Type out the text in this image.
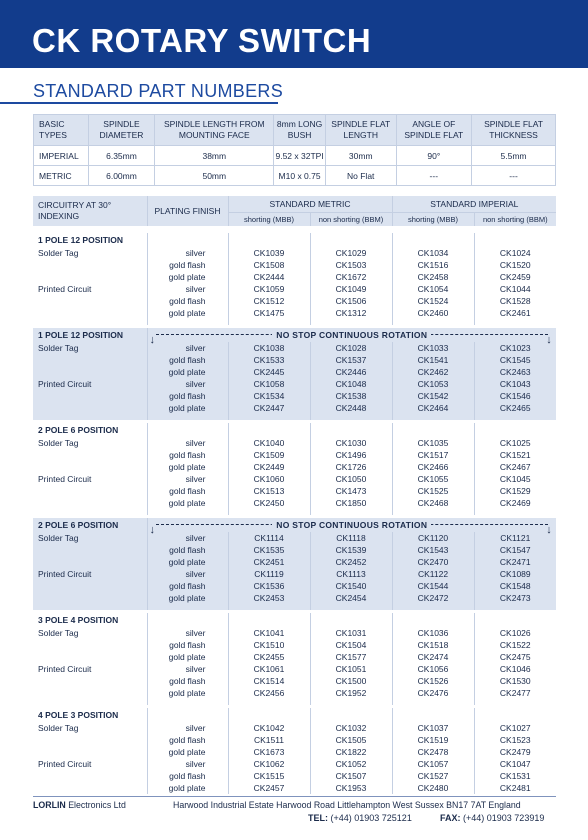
CK ROTARY SWITCH
STANDARD PART NUMBERS
BASIC TYPES	SPINDLE DIAMETER	SPINDLE LENGTH FROM MOUNTING FACE	8mm LONG BUSH	SPINDLE FLAT LENGTH	ANGLE OF SPINDLE FLAT	SPINDLE FLAT THICKNESS
IMPERIAL	6.35mm	38mm	9.52 x 32TPI	30mm	90°	5.5mm
METRIC	6.00mm	50mm	M10 x 0.75	No Flat	---	---
CIRCUITRY AT 30° INDEXING	PLATING FINISH	STANDARD METRIC		STANDARD IMPERIAL	
		shorting (MBB)	non shorting (BBM)	shorting (MBB)	non shorting (BBM)

1 POLE 12 POSITION					
Solder Tag	silver	CK1039	CK1029	CK1034	CK1024
	gold flash	CK1508	CK1503	CK1516	CK1520
	gold plate	CK2444	CK1672	CK2458	CK2459
Printed Circuit	silver	CK1059	CK1049	CK1054	CK1044
	gold flash	CK1512	CK1506	CK1524	CK1528
	gold plate	CK1475	CK1312	CK2460	CK2461

1 POLE 12 POSITION	↓ ↓
NO STOP CONTINUOUS ROTATION				
Solder Tag	silver	CK1038	CK1028	CK1033	CK1023
	gold flash	CK1533	CK1537	CK1541	CK1545
	gold plate	CK2445	CK2446	CK2462	CK2463
Printed Circuit	silver	CK1058	CK1048	CK1053	CK1043
	gold flash	CK1534	CK1538	CK1542	CK1546
	gold plate	CK2447	CK2448	CK2464	CK2465

2 POLE 6 POSITION					
Solder Tag	silver	CK1040	CK1030	CK1035	CK1025
	gold flash	CK1509	CK1496	CK1517	CK1521
	gold plate	CK2449	CK1726	CK2466	CK2467
Printed Circuit	silver	CK1060	CK1050	CK1055	CK1045
	gold flash	CK1513	CK1473	CK1525	CK1529
	gold plate	CK2450	CK1850	CK2468	CK2469

2 POLE 6 POSITION	↓ ↓
NO STOP CONTINUOUS ROTATION				
Solder Tag	silver	CK1114	CK1118	CK1120	CK1121
	gold flash	CK1535	CK1539	CK1543	CK1547
	gold plate	CK2451	CK2452	CK2470	CK2471
Printed Circuit	silver	CK1119	CK1113	CK1122	CK1089
	gold flash	CK1536	CK1540	CK1544	CK1548
	gold plate	CK2453	CK2454	CK2472	CK2473

3 POLE 4 POSITION					
Solder Tag	silver	CK1041	CK1031	CK1036	CK1026
	gold flash	CK1510	CK1504	CK1518	CK1522
	gold plate	CK2455	CK1577	CK2474	CK2475
Printed Circuit	silver	CK1061	CK1051	CK1056	CK1046
	gold flash	CK1514	CK1500	CK1526	CK1530
	gold plate	CK2456	CK1952	CK2476	CK2477

4 POLE 3 POSITION					
Solder Tag	silver	CK1042	CK1032	CK1037	CK1027
	gold flash	CK1511	CK1505	CK1519	CK1523
	gold plate	CK1673	CK1822	CK2478	CK2479
Printed Circuit	silver	CK1062	CK1052	CK1057	CK1047
	gold flash	CK1515	CK1507	CK1527	CK1531
	gold plate	CK2457	CK1953	CK2480	CK2481
LORLIN Electronics Ltd	Harwood Industrial Estate Harwood Road Littlehampton West Sussex BN17 7AT England
TEL: (+44) 01903 725121	FAX: (+44) 01903 723919
